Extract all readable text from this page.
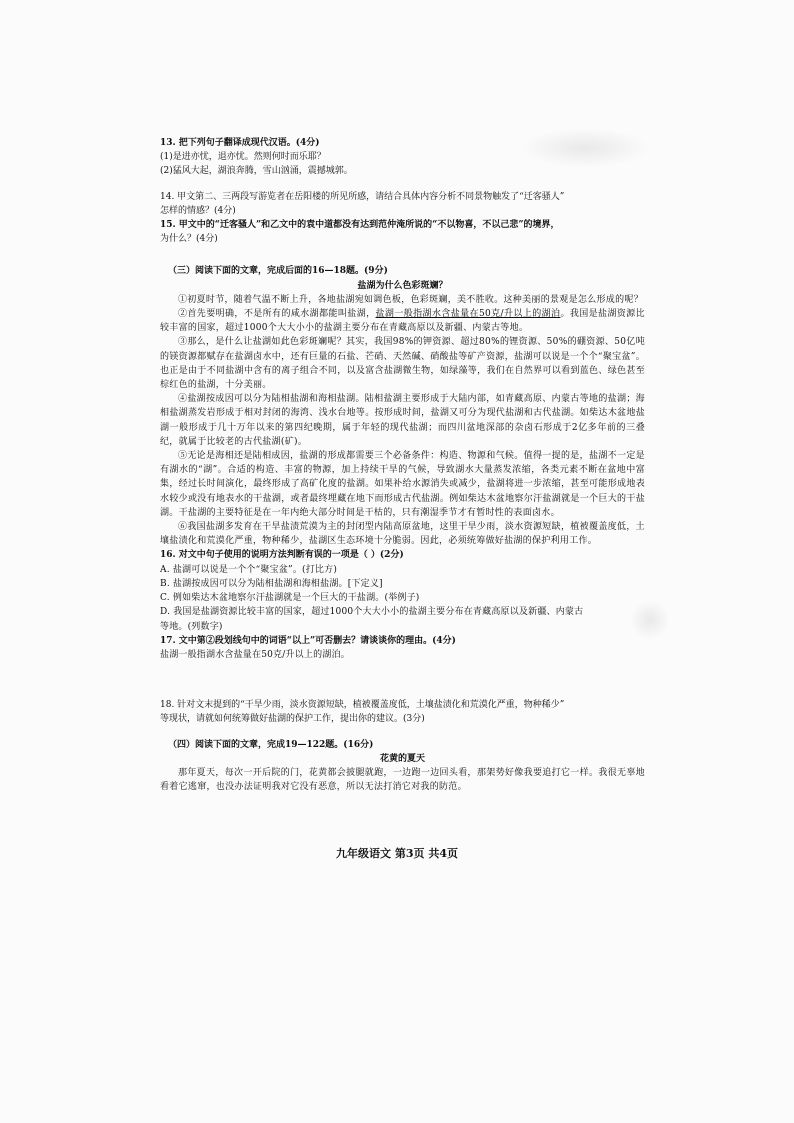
13. 把下列句子翻译成现代汉语。(4分)

(1)是进亦忧，退亦忧。然则何时而乐耶？

(2)猛风大起，湖浪奔腾，雪山汹涌，震撼城郭。

14. 甲文第二、三两段写游览者在岳阳楼的所见所感，请结合具体内容分析不同景物触发了“迁客骚人”

怎样的情感？(4分)

15. 甲文中的“迁客骚人”和乙文中的袁中道都没有达到范仲淹所说的“不以物喜，不以己悲”的境界，

为什么？(4分)

（三）阅读下面的文章，完成后面的16—18题。(9分)

盐湖为什么色彩斑斓？

①初夏时节，随着气温不断上升，各地盐湖宛如调色板，色彩斑斓，美不胜收。这种美丽的景观是怎么形成的呢？

②首先要明确，不是所有的咸水湖都能叫盐湖，盐湖一般指湖水含盐量在50克/升以上的湖泊。我国是盐湖资源比较丰富的国家，超过1000个大大小小的盐湖主要分布在青藏高原以及新疆、内蒙古等地。

③那么，是什么让盐湖如此色彩斑斓呢？其实，我国98%的钾资源、超过80%的锂资源、50%的硼资源、50亿吨的镁资源都赋存在盐湖卤水中，还有巨量的石盐、芒硝、天然碱、硝酸盐等矿产资源，盐湖可以说是一个个“聚宝盆”。也正是由于不同盐湖中含有的离子组合不同，以及富含盐湖微生物，如绿藻等，我们在自然界可以看到蓝色、绿色甚至棕红色的盐湖，十分美丽。

④盐湖按成因可以分为陆相盐湖和海相盐湖。陆相盐湖主要形成于大陆内部，如青藏高原、内蒙古等地的盐湖；海相盐湖蒸发岩形成于相对封闭的海湾、浅水台地等。按形成时间，盐湖又可分为现代盐湖和古代盐湖。如柴达木盆地盐湖一般形成于几十万年以来的第四纪晚期，属于年轻的现代盐湖；而四川盆地深部的杂卤石形成于2亿多年前的三叠纪，就属于比较老的古代盐湖(矿)。

⑤无论是海相还是陆相成因，盐湖的形成都需要三个必备条件：构造、物源和气候。值得一提的是，盐湖不一定是有湖水的“湖”。合适的构造、丰富的物源，加上持续干旱的气候，导致湖水大量蒸发浓缩，各类元素不断在盆地中富集，经过长时间演化，最终形成了高矿化度的盐湖。如果补给水源消失或减少，盐湖将进一步浓缩，甚至可能形成地表水较少或没有地表水的干盐湖，或者最终埋藏在地下而形成古代盐湖。例如柴达木盆地察尔汗盐湖就是一个巨大的干盐湖。干盐湖的主要特征是在一年内绝大部分时间是干枯的，只有潮湿季节才有暂时性的表面卤水。

⑥我国盐湖多发育在干旱盐渍荒漠为主的封闭型内陆高原盆地，这里干旱少雨，淡水资源短缺，植被覆盖度低，土壤盐渍化和荒漠化严重，物种稀少，盐湖区生态环境十分脆弱。因此，必须统筹做好盐湖的保护利用工作。

16. 对文中句子使用的说明方法判断有误的一项是（ ）(2分)

A. 盐湖可以说是一个个“聚宝盆”。(打比方)

B. 盐湖按成因可以分为陆相盐湖和海相盐湖。[下定义]

C. 例如柴达木盆地察尔汗盐湖就是一个巨大的干盐湖。(举例子)

D. 我国是盐湖资源比较丰富的国家，超过1000个大大小小的盐湖主要分布在青藏高原以及新疆、内蒙古

等地。(列数字)

17. 文中第②段划线句中的词语“以上”可否删去？请谈谈你的理由。(4分)

盐湖一般指湖水含盐量在50克/升以上的湖泊。

18. 针对文末提到的“干旱少雨，淡水资源短缺，植被覆盖度低，土壤盐渍化和荒漠化严重，物种稀少”

等现状，请就如何统筹做好盐湖的保护工作，提出你的建议。(3分)

（四）阅读下面的文章，完成19—122题。(16分)

花黄的夏天

那年夏天，每次一开后院的门，花黄都会披腿就跑，一边跑一边回头看，那架势好像我要追打它一样。我很无辜地看着它逃窜，也没办法证明我对它没有恶意，所以无法打消它对我的防范。

九年级语文 第3页 共4页
